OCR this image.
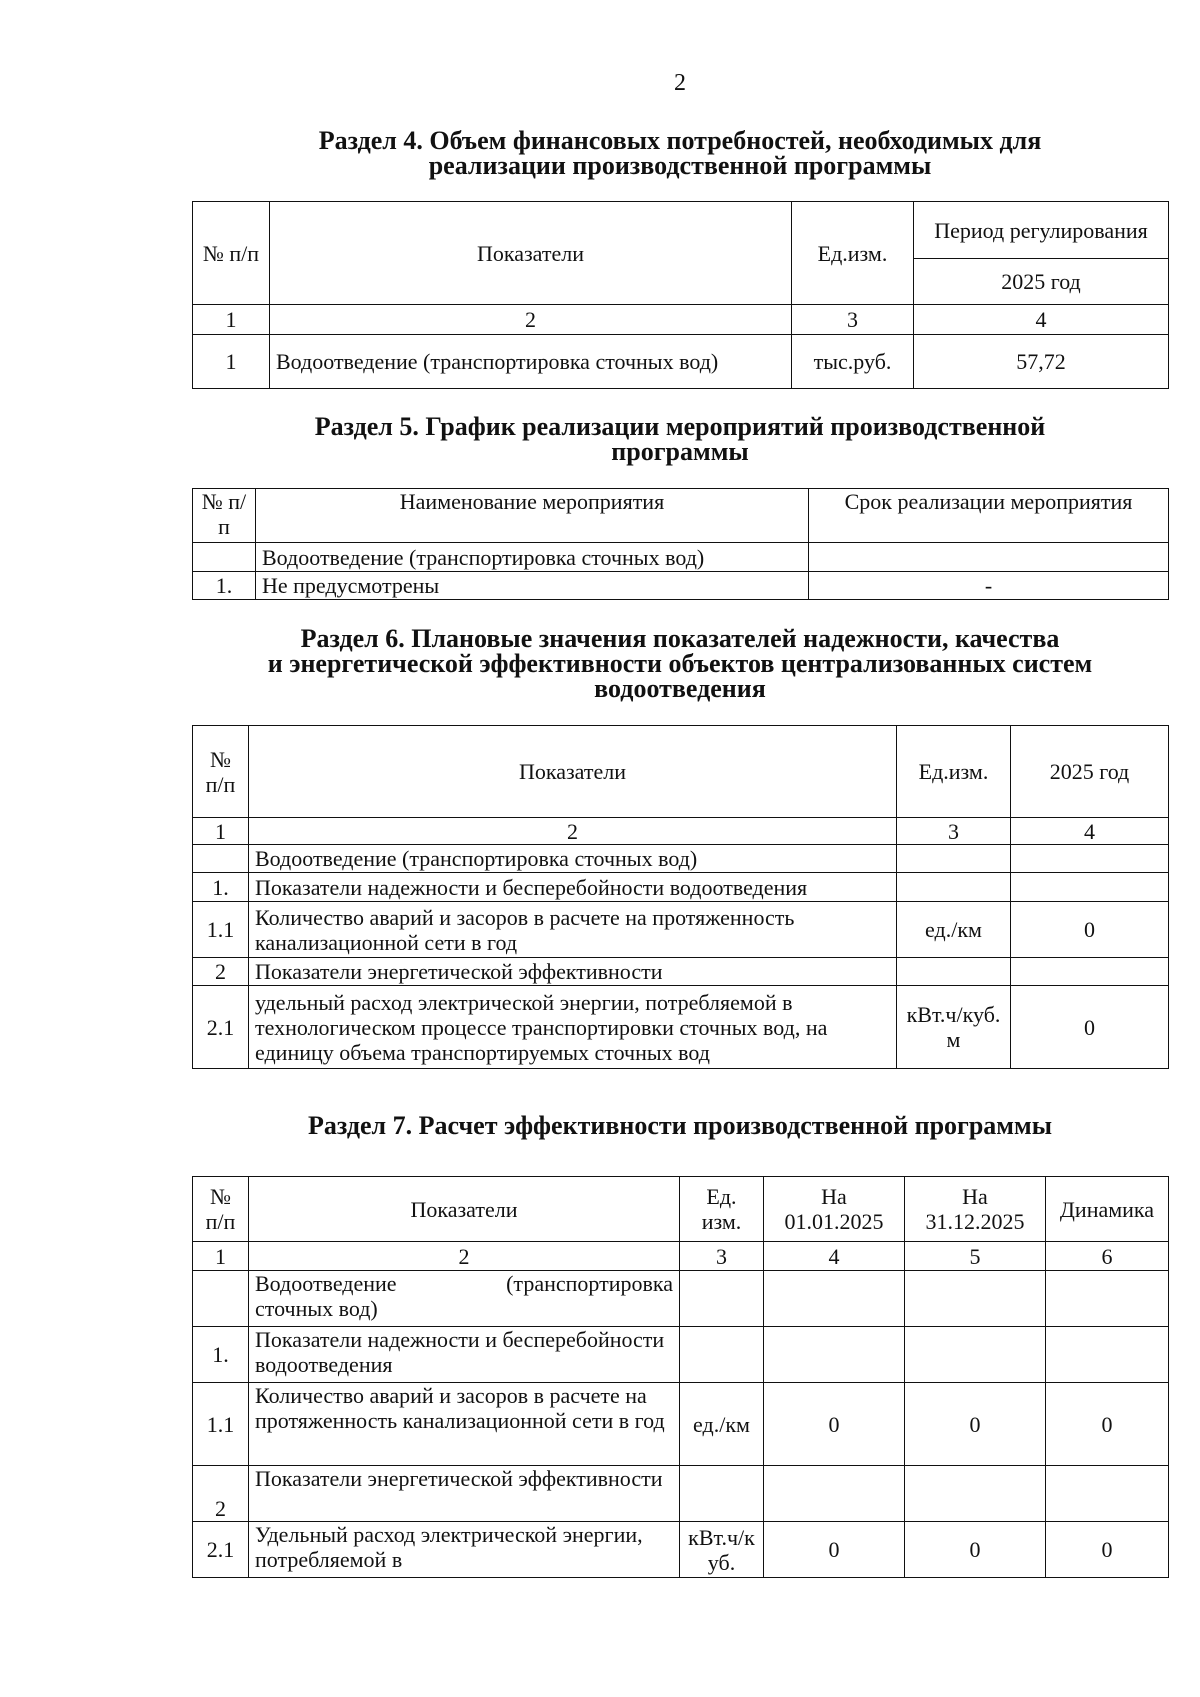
2
Раздел 4. Объем финансовых потребностей, необходимых для
реализации производственной программы
№ п/п	Показатели	Ед.изм.	Период регулирования
			2025 год
1	2	3	4
1	Водоотведение (транспортировка сточных вод)	тыс.руб.	57,72
Раздел 5. График реализации мероприятий производственной
программы
№ п/п	Наименование мероприятия	Срок реализации мероприятия
	Водоотведение (транспортировка сточных вод)	
1.	Не предусмотрены	-
Раздел 6. Плановые значения показателей надежности, качества
и энергетической эффективности объектов централизованных систем
водоотведения
№ п/п	Показатели	Ед.изм.	2025 год
1	2	3	4
	Водоотведение (транспортировка сточных вод)		
1.	Показатели надежности и бесперебойности водоотведения		
1.1	Количество аварий и засоров в расчете на протяженность канализационной сети в год	ед./км	0
2	Показатели энергетической эффективности		
2.1	удельный расход электрической энергии, потребляемой в технологическом процессе транспортировки сточных вод, на единицу объема транспортируемых сточных вод	кВт.ч/куб.м	0
Раздел 7. Расчет эффективности производственной программы
№ п/п	Показатели	Ед. изм.	На 01.01.2025	На 31.12.2025	Динамика
1	2	3	4	5	6

	Водоотведение (транспортировка
сточных вод)				

1.	Показатели надежности и бесперебойности водоотведения				
1.1	Количество аварий и засоров в расчете на протяженность канализационной сети в год	ед./км	0	0	0
2	Показатели энергетической эффективности				
2.1	Удельный расход электрической энергии, потребляемой в	кВт.ч/куб.	0	0	0
